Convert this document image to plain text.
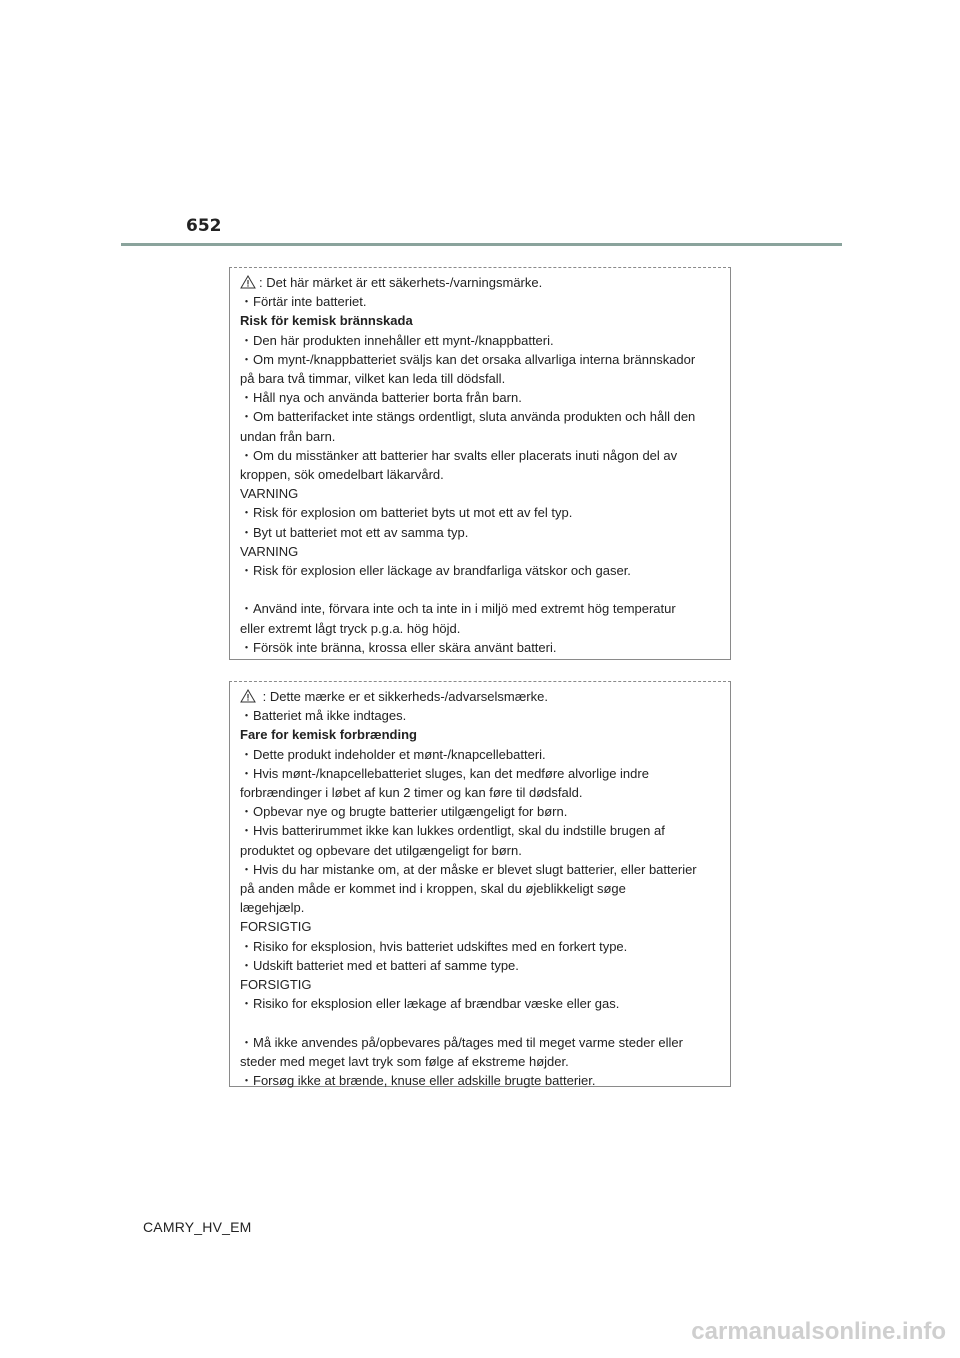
652
: Det här märket är ett säkerhets-/varningsmärke.
・Förtär inte batteriet.
Risk för kemisk brännskada
・Den här produkten innehåller ett mynt-/knappbatteri.
・Om mynt-/knappbatteriet sväljs kan det orsaka allvarliga interna brännskador
på bara två timmar, vilket kan leda till dödsfall.
・Håll nya och använda batterier borta från barn.
・Om batterifacket inte stängs ordentligt, sluta använda produkten och håll den
undan från barn.
・Om du misstänker att batterier har svalts eller placerats inuti någon del av
kroppen, sök omedelbart läkarvård.
VARNING
・Risk för explosion om batteriet byts ut mot ett av fel typ.
・Byt ut batteriet mot ett av samma typ.
VARNING
・Risk för explosion eller läckage av brandfarliga vätskor och gaser.
・Använd inte, förvara inte och ta inte in i miljö med extremt hög temperatur
eller extremt lågt tryck p.g.a. hög höjd.
・Försök inte bränna, krossa eller skära använt batteri.
: Dette mærke er et sikkerheds-/advarselsmærke.
・Batteriet må ikke indtages.
Fare for kemisk forbrænding
・Dette produkt indeholder et mønt-/knapcellebatteri.
・Hvis mønt-/knapcellebatteriet sluges, kan det medføre alvorlige indre
forbrændinger i løbet af kun 2 timer og kan føre til dødsfald.
・Opbevar nye og brugte batterier utilgængeligt for børn.
・Hvis batterirummet ikke kan lukkes ordentligt, skal du indstille brugen af
produktet og opbevare det utilgængeligt for børn.
・Hvis du har mistanke om, at der måske er blevet slugt batterier, eller batterier
på anden måde er kommet ind i kroppen, skal du øjeblikkeligt søge
lægehjælp.
FORSIGTIG
・Risiko for eksplosion, hvis batteriet udskiftes med en forkert type.
・Udskift batteriet med et batteri af samme type.
FORSIGTIG
・Risiko for eksplosion eller lækage af brændbar væske eller gas.
・Må ikke anvendes på/opbevares på/tages med til meget varme steder eller
steder med meget lavt tryk som følge af ekstreme højder.
・Forsøg ikke at brænde, knuse eller adskille brugte batterier.
CAMRY_HV_EM
carmanualsonline.info
